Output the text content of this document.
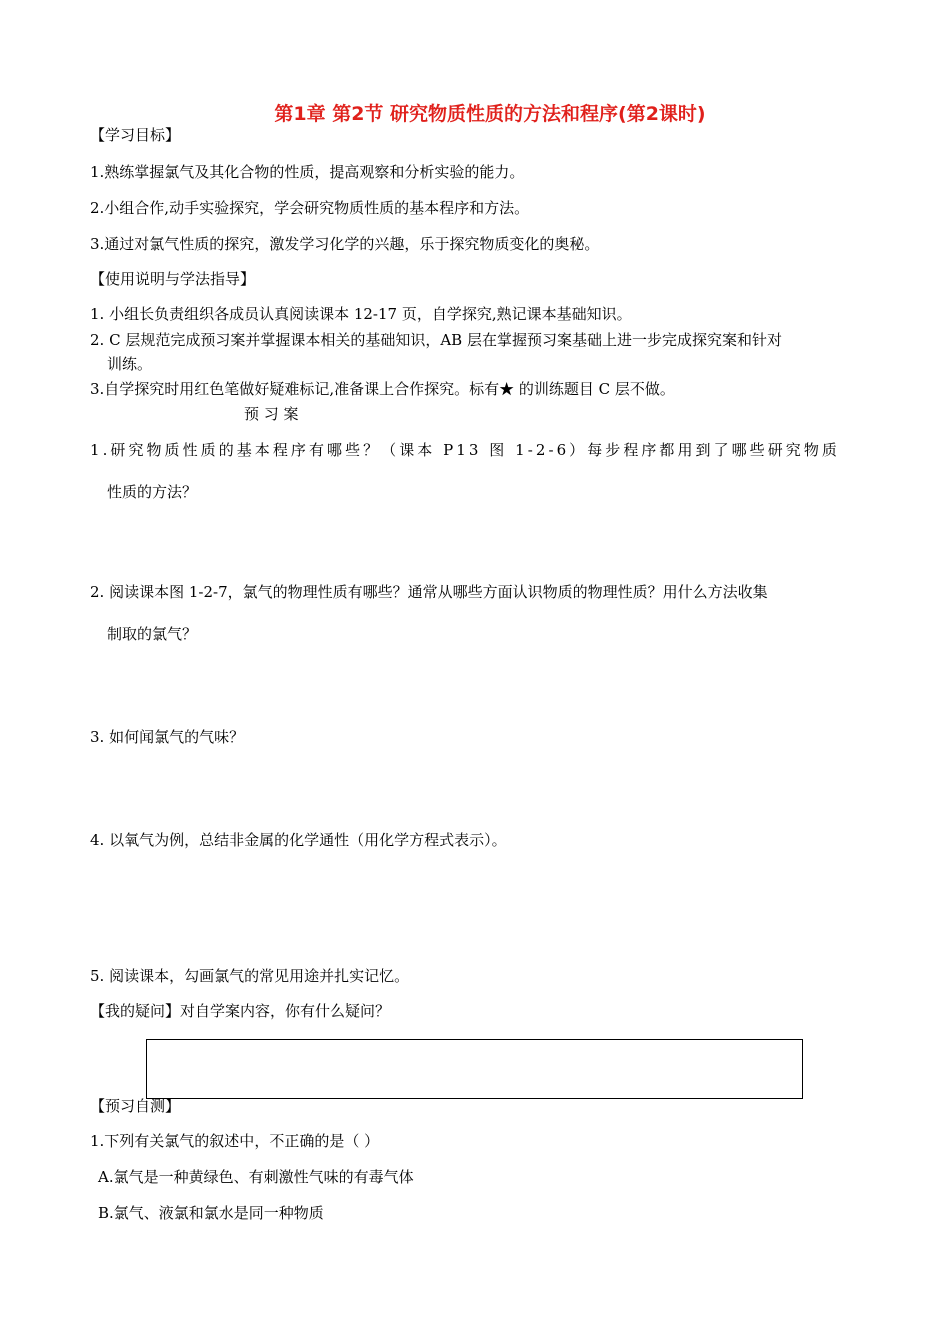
第1章 第2节 研究物质性质的方法和程序(第2课时)
【学习目标】
1.熟练掌握氯气及其化合物的性质，提高观察和分析实验的能力。
2.小组合作,动手实验探究，学会研究物质性质的基本程序和方法。
3.通过对氯气性质的探究，激发学习化学的兴趣，乐于探究物质变化的奥秘。
【使用说明与学法指导】
1. 小组长负责组织各成员认真阅读课本 12-17 页，自学探究,熟记课本基础知识。
2. C 层规范完成预习案并掌握课本相关的基础知识，AB 层在掌握预习案基础上进一步完成探究案和针对
训练。
3.自学探究时用红色笔做好疑难标记,准备课上合作探究。标有★ 的训练题目 C 层不做。
预 习 案
1.研究物质性质的基本程序有哪些？（课本 P13 图 1-2-6）每步程序都用到了哪些研究物质
性质的方法？
2. 阅读课本图 1-2-7，氯气的物理性质有哪些？通常从哪些方面认识物质的物理性质？用什么方法收集
制取的氯气？
3. 如何闻氯气的气味？
4. 以氧气为例，总结非金属的化学通性（用化学方程式表示）。
5. 阅读课本，勾画氯气的常见用途并扎实记忆。
【我的疑问】对自学案内容，你有什么疑问？
【预习自测】
1.下列有关氯气的叙述中，不正确的是（ ）
A.氯气是一种黄绿色、有刺激性气味的有毒气体
B.氯气、液氯和氯水是同一种物质
